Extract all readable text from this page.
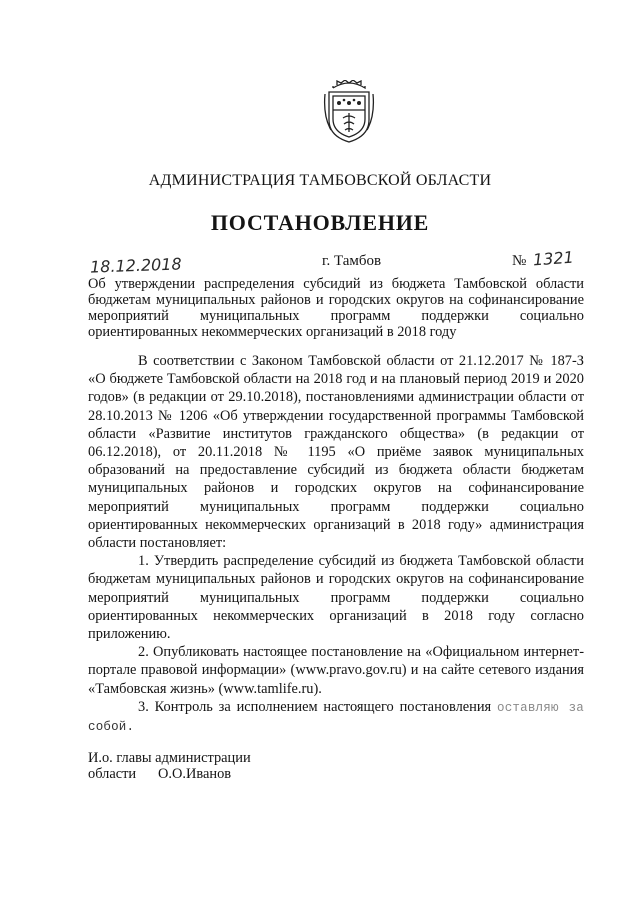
АДМИНИСТРАЦИЯ ТАМБОВСКОЙ ОБЛАСТИ
ПОСТАНОВЛЕНИЕ
18.12.2018	г. Тамбов	№ 1321
Об утверждении распределения субсидий из бюджета Тамбовской области бюджетам муниципальных районов и городских округов на софинансирование мероприятий муниципальных программ поддержки социально ориентированных некоммерческих организаций в 2018 году

В соответствии с Законом Тамбовской области от 21.12.2017 № 187-З «О бюджете Тамбовской области на 2018 год и на плановый период 2019 и 2020 годов» (в редакции от 29.10.2018), постановлениями администрации области от 28.10.2013 № 1206 «Об утверждении государственной программы Тамбовской области «Развитие институтов гражданского общества» (в редакции от 06.12.2018), от 20.11.2018 № 1195 «О приёме заявок муниципальных образований на предоставление субсидий из бюджета области бюджетам муниципальных районов и городских округов на софинансирование мероприятий муниципальных программ поддержки социально ориентированных некоммерческих организаций в 2018 году» администрация области постановляет:

1. Утвердить распределение субсидий из бюджета Тамбовской области бюджетам муниципальных районов и городских округов на софинансирование мероприятий муниципальных программ поддержки социально ориентированных некоммерческих организаций в 2018 году согласно приложению.

2. Опубликовать настоящее постановление на «Официальном интернет-портале правовой информации» (www.pravo.gov.ru) и на сайте сетевого издания «Тамбовская жизнь» (www.tamlife.ru).

3. Контроль за исполнением настоящего постановления оставляю за

собой.

И.о. главы администрации
области	О.О.Иванов
